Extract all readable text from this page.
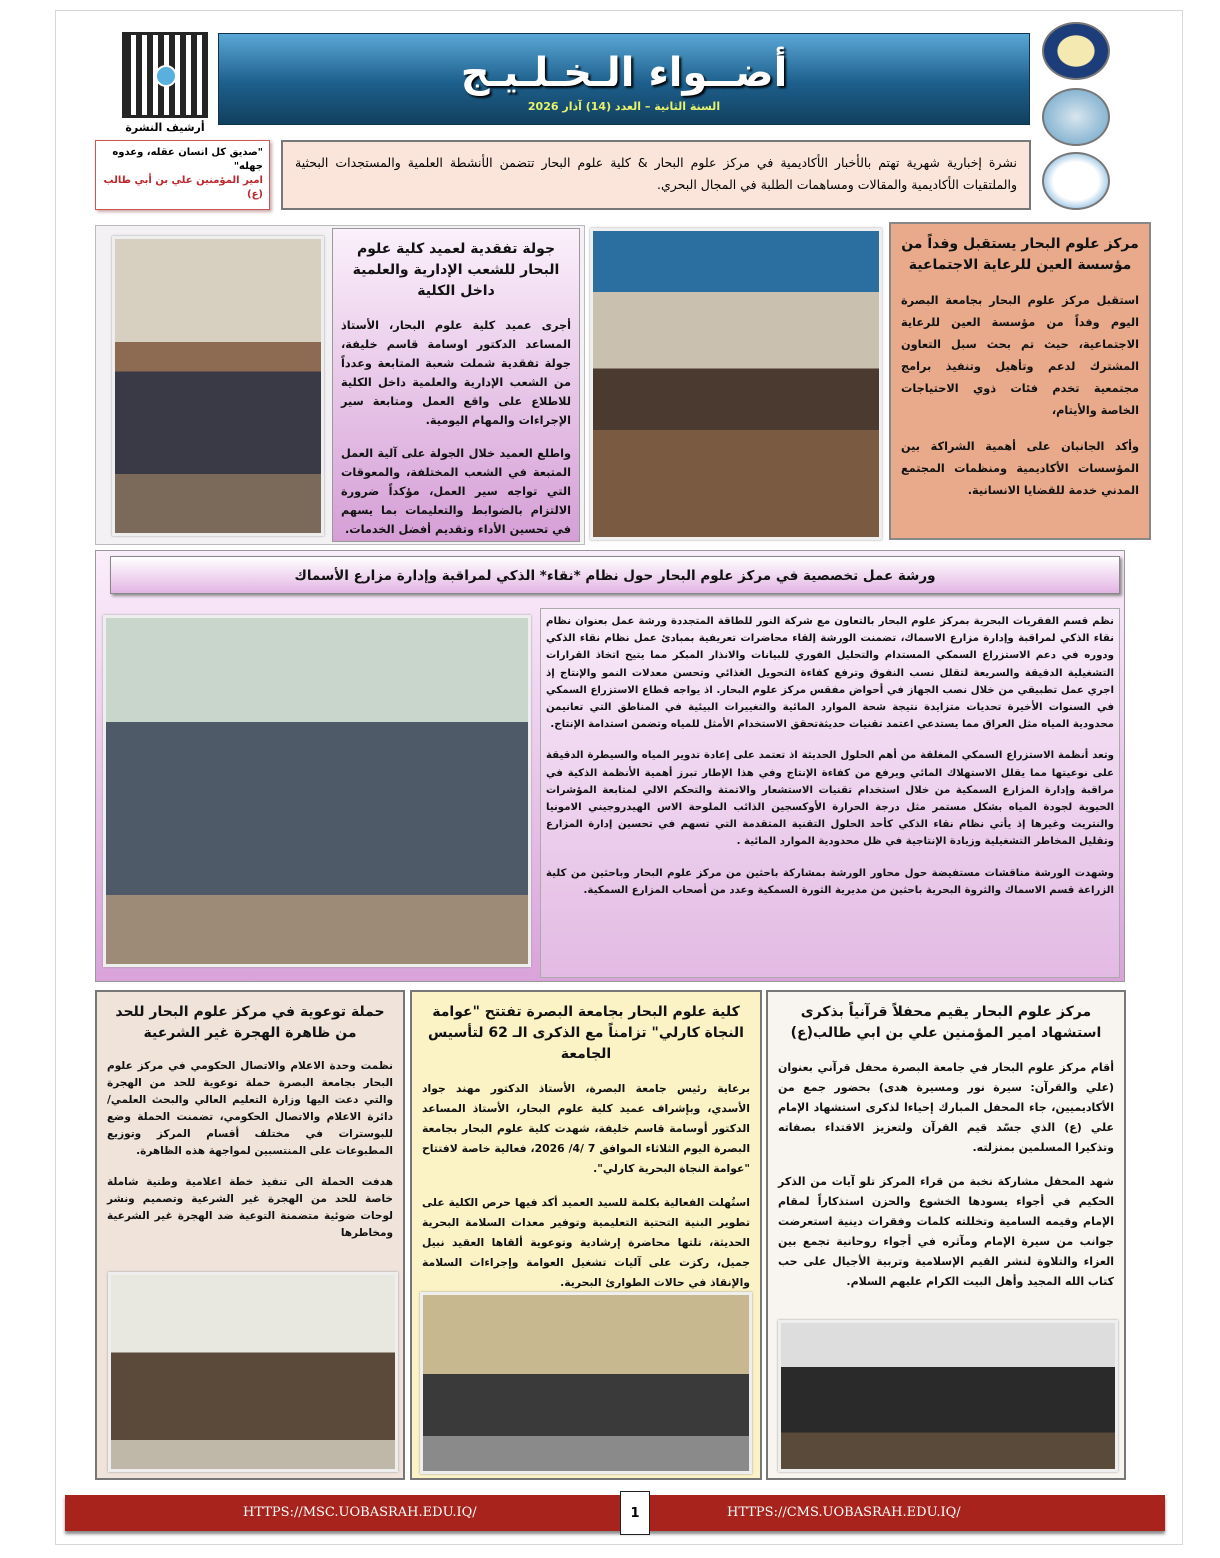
أرشيف النشرة
أضــواء الـخـلـيـج
السنة الثانية – العدد (14) آذار 2026
"صديق كل انسان عقله، وعدوه جهله"
امير المؤمنين علي بن أبي طالب (ع)
نشرة إخبارية شهرية تهتم بالأخبار الأكاديمية في مركز علوم البحار & كلية علوم البحار تتضمن الأنشطة العلمية والمستجدات البحثية والملتقيات الأكاديمية والمقالات ومساهمات الطلبة في المجال البحري.
جولة تفقدية لعميد كلية علوم البحار للشعب الإدارية والعلمية داخل الكلية

أجرى عميد كلية علوم البحار، الأستاذ المساعد الدكتور اوسامة قاسم خليفة، جولة تفقدية شملت شعبة المتابعة وعدداً من الشعب الإدارية والعلمية داخل الكلية للاطلاع على واقع العمل ومتابعة سير الإجراءات والمهام اليومية.

واطلع العميد خلال الجولة على آلية العمل المتبعة في الشعب المختلفة، والمعوقات التي تواجه سير العمل، مؤكداً ضرورة الالتزام بالضوابط والتعليمات بما يسهم في تحسين الأداء وتقديم أفضل الخدمات.

مركز علوم البحار يستقبل وفداً من مؤسسة العين للرعاية الاجتماعية

استقبل مركز علوم البحار بجامعة البصرة اليوم وفداً من مؤسسة العين للرعاية الاجتماعية، حيث تم بحث سبل التعاون المشترك لدعم وتأهيل وتنفيذ برامج مجتمعية تخدم فئات ذوي الاحتياجات الخاصة والأيتام،

وأكد الجانبان على أهمية الشراكة بين المؤسسات الأكاديمية ومنظمات المجتمع المدني خدمة للقضايا الانسانية.

ورشة عمل تخصصية في مركز علوم البحار حول نظام *نقاء* الذكي لمراقبة وإدارة مزارع الأسماك

نظم قسم الفقريات البحرية بمركز علوم البحار بالتعاون مع شركة النور للطاقة المتجددة ورشة عمل بعنوان نظام نقاء الذكي لمراقبة وإدارة مزارع الاسماك، تضمنت الورشة إلقاء محاضرات تعريفية بمبادئ عمل نظام نقاء الذكي ودوره في دعم الاستزراع السمكي المستدام والتحليل الفوري للبيانات والانذار المبكر مما يتيح اتخاذ القرارات التشغيلية الدقيقة والسريعة لتقلل نسب النفوق وترفع كفاءة التحويل الغذائي وتحسن معدلات النمو والإنتاج إذ اجري عمل تطبيقي من خلال نصب الجهاز في أحواض مفقس مركز علوم البحار. اذ يواجه قطاع الاستزراع السمكي في السنوات الأخيرة تحديات متزايدة نتيجة شحة الموارد المائية والتغييرات البيئية في المناطق التي تعانيمن محدودية المياه مثل العراق مما يستدعي اعتمد تقنيات حديثةتحقق الاستخدام الأمثل للمياه وتضمن استدامة الإنتاج.

وتعد أنظمة الاستزراع السمكي المغلقة من أهم الحلول الحديثة اذ تعتمد على إعادة تدوير المياه والسيطرة الدقيقة على نوعيتها مما يقلل الاستهلاك المائي ويرفع من كفاءة الإنتاج وفي هذا الإطار تبرز أهمية الأنظمة الذكية في مراقبة وإدارة المزارع السمكية من خلال استخدام تقنيات الاستشعار والاتمتة والتحكم الالي لمتابعة المؤشرات الحيوية لجودة المياه بشكل مستمر مثل درجة الحرارة الأوكسجين الذائب الملوحة الاس الهيدروجيني الامونيا والنتريت وغيرها إذ يأتي نظام نقاء الذكي كأحد الحلول التقنية المتقدمة التي تسهم في تحسين إدارة المزارع وتقليل المخاطر التشغيلية وزيادة الإنتاجية في ظل محدودية الموارد المائية .

وشهدت الورشة مناقشات مستفيضة حول محاور الورشة بمشاركة باحثين من مركز علوم البحار وباحثين من كلية الزراعة قسم الاسماك والثروة البحرية باحثين من مديرية الثورة السمكية وعدد من أصحاب المزارع السمكية.

حملة توعوية في مركز علوم البحار للحد من ظاهرة الهجرة غير الشرعية

نظمت وحدة الاعلام والاتصال الحكومي في مركز علوم البحار بجامعة البصرة حملة توعوية للحد من الهجرة والتي دعت اليها وزارة التعليم العالي والبحث العلمي/ دائرة الاعلام والاتصال الحكومي، تضمنت الحملة وضع للبوسترات في مختلف أقسام المركز وتوزيع المطبوعات على المنتسبين لمواجهة هذه الظاهرة.

هدفت الحملة الى تنفيذ خطة اعلامية وطنية شاملة خاصة للحد من الهجرة غير الشرعية وتصميم ونشر لوحات ضوئية متضمنة التوعية ضد الهجرة غير الشرعية ومخاطرها

كلية علوم البحار بجامعة البصرة تفتتح "عوامة النجاة كارلي" تزامناً مع الذكرى الـ 62 لتأسيس الجامعة

برعاية رئيس جامعة البصرة، الأستاذ الدكتور مهند جواد الأسدي، وبإشراف عميد كلية علوم البحار، الأستاذ المساعد الدكتور أوسامة قاسم خليفة، شهدت كلية علوم البحار بجامعة البصرة اليوم الثلاثاء الموافق 7 /4/ 2026، فعالية خاصة لافتتاح "عوامة النجاة البحرية كارلي".

استُهلت الفعالية بكلمة للسيد العميد أكد فيها حرص الكلية على تطوير البنية التحتية التعليمية وتوفير معدات السلامة البحرية الحديثة، تلتها محاضرة إرشادية وتوعوية ألقاها العقيد نبيل جميل، ركزت على آليات تشغيل العوامة وإجراءات السلامة والإنقاذ في حالات الطوارئ البحرية.

مركز علوم البحار يقيم محفلاً قرآنياً بذكرى استشهاد امير المؤمنين علي بن ابي طالب(ع)

أقام مركز علوم البحار في جامعة البصرة محفل قرآني بعنوان (علي والقرآن: سيرة نور ومسيرة هدى) بحضور جمع من الأكاديميين، جاء المحفل المبارك إحياءا لذكرى استشهاد الإمام علي (ع) الذي جسّد قيم القرآن ولتعزيز الاقتداء بصفاته وتذكيرا المسلمين بمنزلته.

شهد المحفل مشاركة نخبة من قراء المركز تلو آيات من الذكر الحكيم في أجواء يسودها الخشوع والحزن استذكاراً لمقام الإمام وقيمه السامية وتخللته كلمات وفقرات دينية استعرضت جوانب من سيرة الإمام ومآثره في أجواء روحانية تجمع بين العزاء والتلاوة لنشر القيم الإسلامية وتربية الأجيال على حب كتاب الله المجيد وأهل البيت الكرام عليهم السلام.

HTTPS://MSC.UOBASRAH.EDU.IQ/	1	HTTPS://CMS.UOBASRAH.EDU.IQ/
